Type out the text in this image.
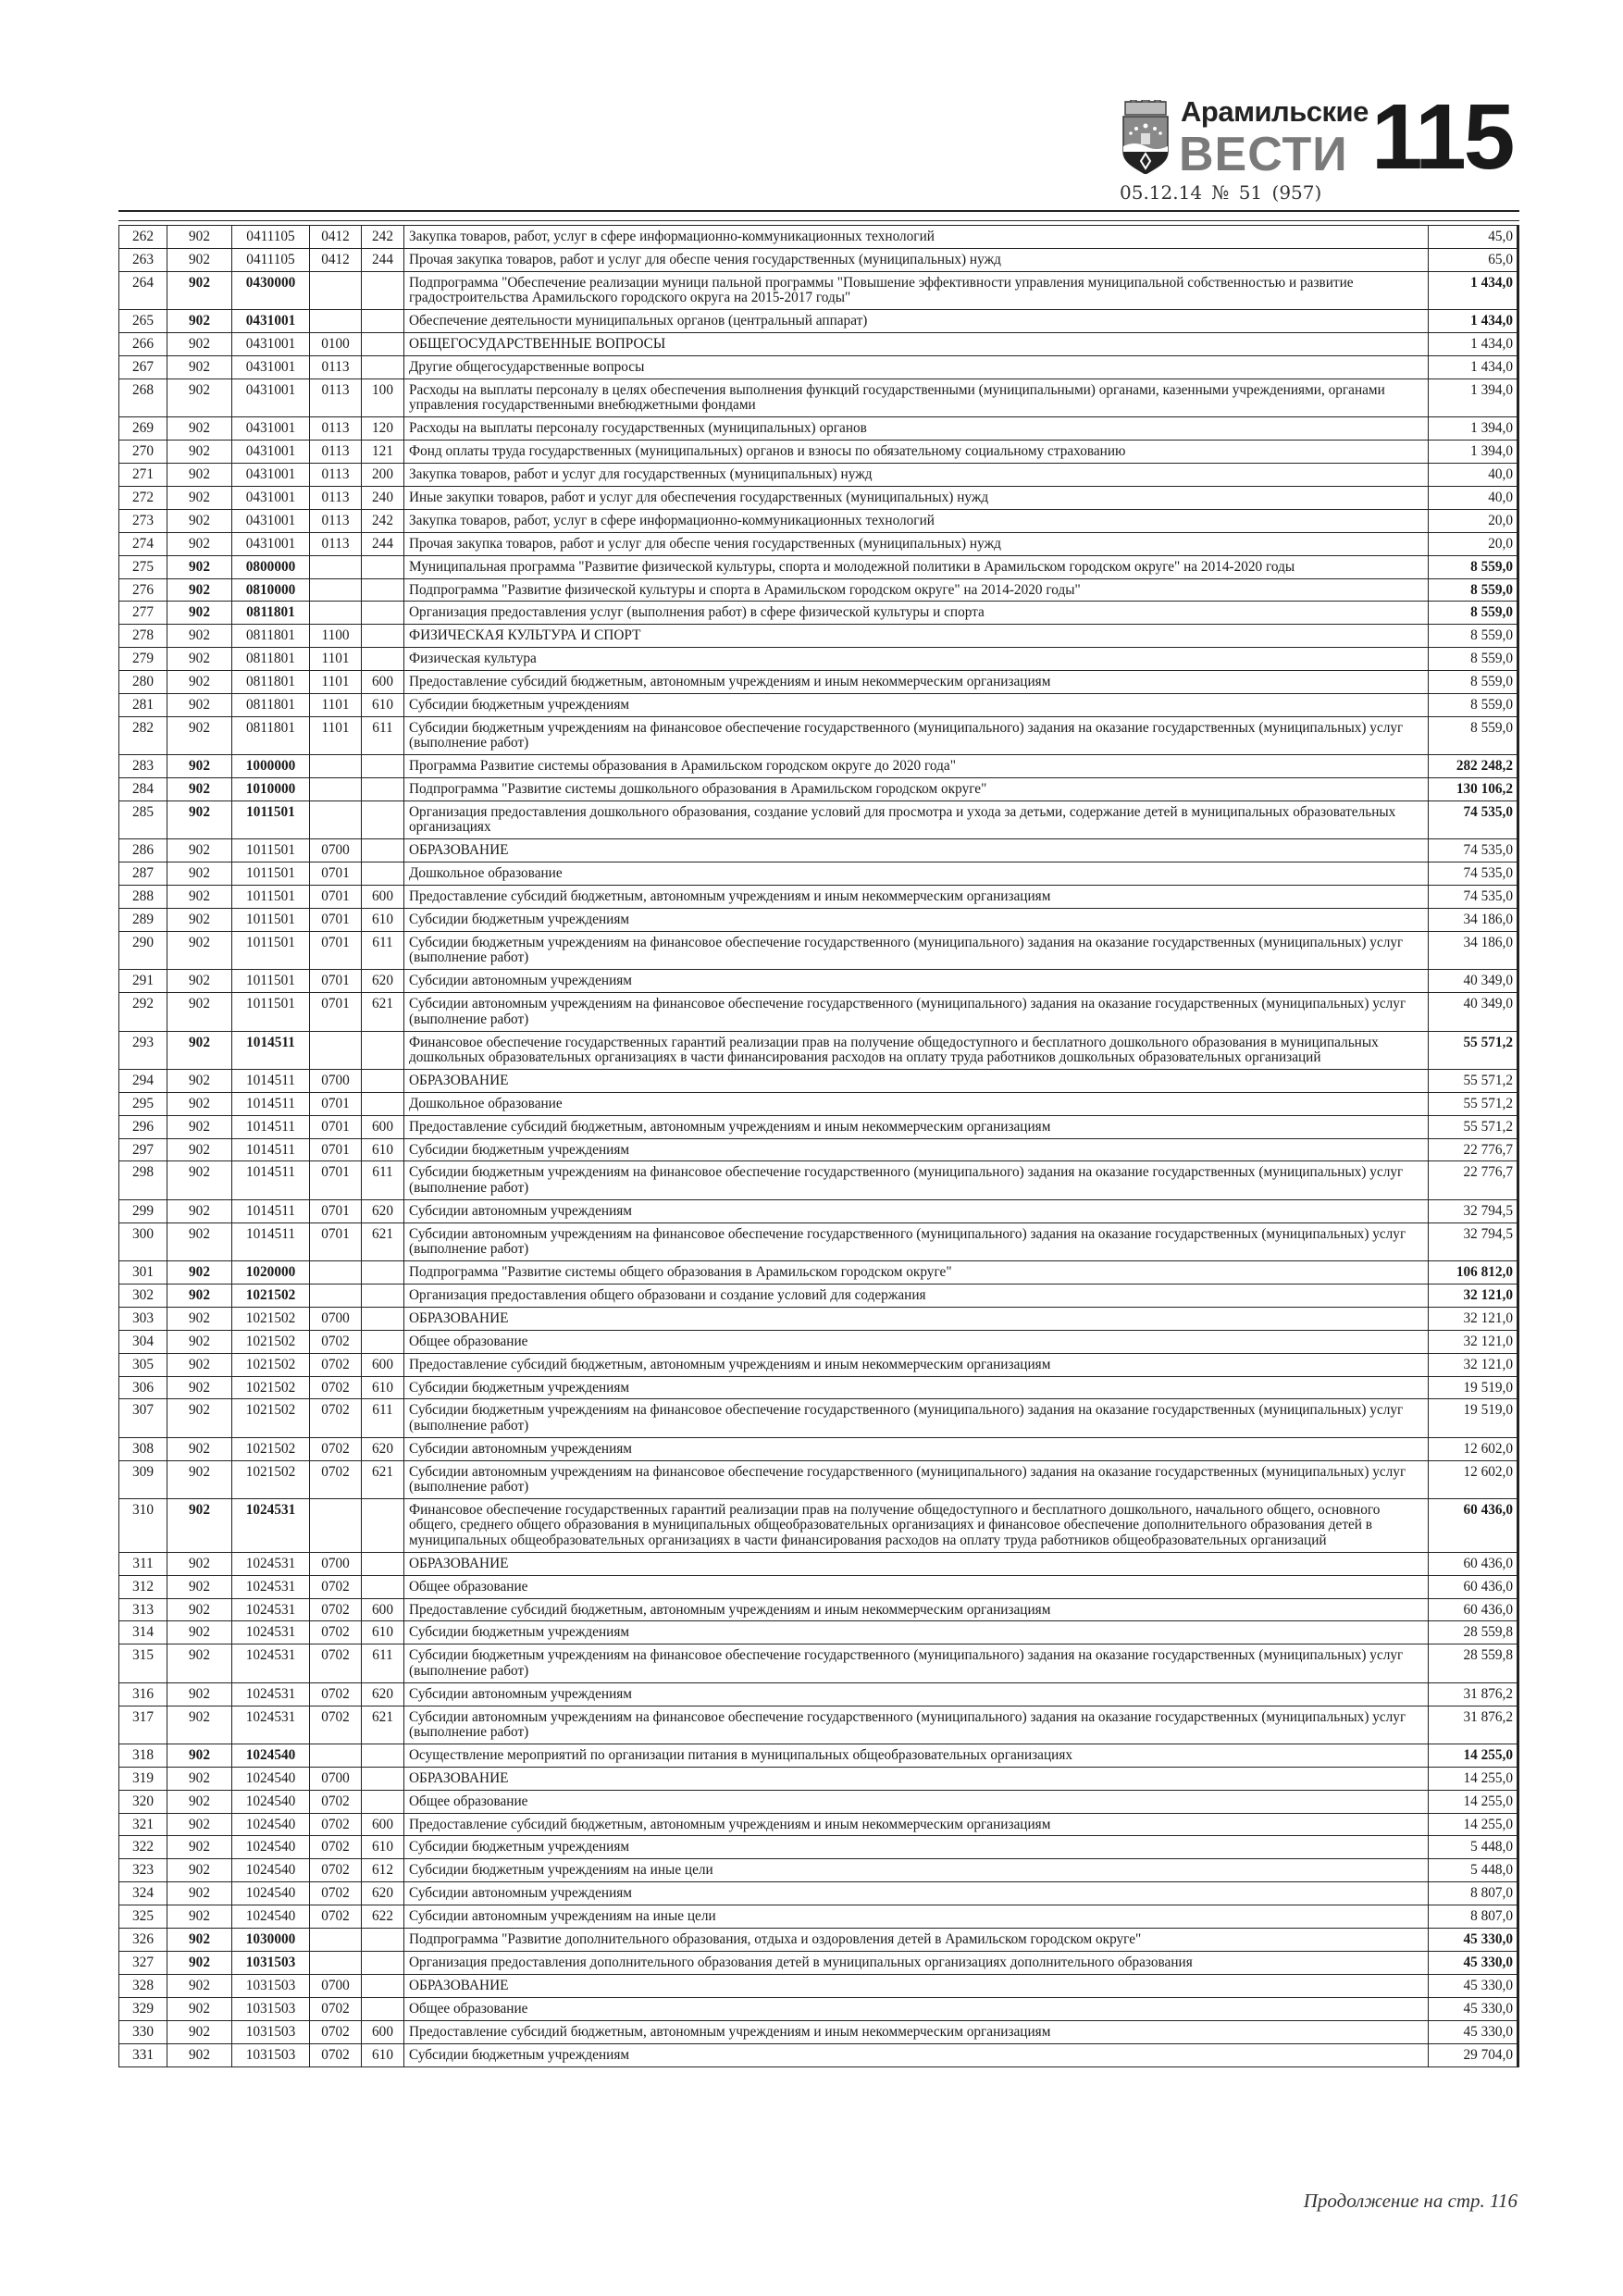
Арамильские
ВЕСТИ 115
05.12.14 № 51 (957)
262	902	0411105	0412	242	Закупка товаров, работ, услуг в сфере информационно-коммуникационных технологий	45,0
263	902	0411105	0412	244	Прочая закупка товаров, работ и услуг для обеспе чения государственных (муниципальных) нужд	65,0
264	902	0430000			Подпрограмма "Обеспечение реализации муници пальной программы "Повышение эффективности управления муниципальной собственностью и развитие градостроительства Арамильского городского округа на 2015-2017 годы"	1 434,0
265	902	0431001			Обеспечение деятельности муниципальных органов (центральный аппарат)	1 434,0
266	902	0431001	0100		ОБЩЕГОСУДАРСТВЕННЫЕ ВОПРОСЫ	1 434,0
267	902	0431001	0113		Другие общегосударственные вопросы	1 434,0
268	902	0431001	0113	100	Расходы на выплаты персоналу в целях обеспечения выполнения функций государственными (муниципальными) органами, казенными учреждениями, органами управления государственными внебюджетными фондами	1 394,0
269	902	0431001	0113	120	Расходы на выплаты персоналу государственных (муниципальных) органов	1 394,0
270	902	0431001	0113	121	Фонд оплаты труда государственных (муниципальных) органов и взносы по обязательному социальному страхованию	1 394,0
271	902	0431001	0113	200	Закупка товаров, работ и услуг для государственных (муниципальных) нужд	40,0
272	902	0431001	0113	240	Иные закупки товаров, работ и услуг для обеспечения государственных (муниципальных) нужд	40,0
273	902	0431001	0113	242	Закупка товаров, работ, услуг в сфере информационно-коммуникационных технологий	20,0
274	902	0431001	0113	244	Прочая закупка товаров, работ и услуг для обеспе чения государственных (муниципальных) нужд	20,0
275	902	0800000			Муниципальная программа "Развитие физической культуры, спорта и молодежной политики в Арамильском городском округе" на 2014-2020 годы	8 559,0
276	902	0810000			Подпрограмма "Развитие физической культуры и спорта в Арамильском городском округе" на 2014-2020 годы"	8 559,0
277	902	0811801			Организация предоставления услуг (выполнения работ) в сфере физической культуры и спорта	8 559,0
278	902	0811801	1100		ФИЗИЧЕСКАЯ КУЛЬТУРА И СПОРТ	8 559,0
279	902	0811801	1101		Физическая культура	8 559,0
280	902	0811801	1101	600	Предоставление субсидий бюджетным, автономным учреждениям и иным некоммерческим организациям	8 559,0
281	902	0811801	1101	610	Субсидии бюджетным учреждениям	8 559,0
282	902	0811801	1101	611	Субсидии бюджетным учреждениям на финансовое обеспечение государственного (муниципального) задания на оказание государственных (муниципальных) услуг (выполнение работ)	8 559,0
283	902	1000000			Программа Развитие системы образования в Арамильском городском округе до 2020 года"	282 248,2
284	902	1010000			Подпрограмма "Развитие системы дошкольного образования в Арамильском городском округе"	130 106,2
285	902	1011501			Организация предоставления дошкольного образования, создание условий для просмотра и ухода за детьми, содержание детей в муниципальных образовательных организациях	74 535,0
286	902	1011501	0700		ОБРАЗОВАНИЕ	74 535,0
287	902	1011501	0701		Дошкольное образование	74 535,0
288	902	1011501	0701	600	Предоставление субсидий бюджетным, автономным учреждениям и иным некоммерческим организациям	74 535,0
289	902	1011501	0701	610	Субсидии бюджетным учреждениям	34 186,0
290	902	1011501	0701	611	Субсидии бюджетным учреждениям на финансовое обеспечение государственного (муниципального) задания на оказание государственных (муниципальных) услуг (выполнение работ)	34 186,0
291	902	1011501	0701	620	Субсидии автономным учреждениям	40 349,0
292	902	1011501	0701	621	Субсидии автономным учреждениям на финансовое обеспечение государственного (муниципального) задания на оказание государственных (муниципальных) услуг (выполнение работ)	40 349,0
293	902	1014511			Финансовое обеспечение государственных гарантий реализации прав на получение общедоступного и бесплатного дошкольного образования в муниципальных дошкольных образовательных организациях в части финансирования расходов на оплату труда работников дошкольных образовательных организаций	55 571,2
294	902	1014511	0700		ОБРАЗОВАНИЕ	55 571,2
295	902	1014511	0701		Дошкольное образование	55 571,2
296	902	1014511	0701	600	Предоставление субсидий бюджетным, автономным учреждениям и иным некоммерческим организациям	55 571,2
297	902	1014511	0701	610	Субсидии бюджетным учреждениям	22 776,7
298	902	1014511	0701	611	Субсидии бюджетным учреждениям на финансовое обеспечение государственного (муниципального) задания на оказание государственных (муниципальных) услуг (выполнение работ)	22 776,7
299	902	1014511	0701	620	Субсидии автономным учреждениям	32 794,5
300	902	1014511	0701	621	Субсидии автономным учреждениям на финансовое обеспечение государственного (муниципального) задания на оказание государственных (муниципальных) услуг (выполнение работ)	32 794,5
301	902	1020000			Подпрограмма "Развитие системы общего образования в Арамильском городском округе"	106 812,0
302	902	1021502			Организация предоставления общего образовани и создание условий для содержания	32 121,0
303	902	1021502	0700		ОБРАЗОВАНИЕ	32 121,0
304	902	1021502	0702		Общее образование	32 121,0
305	902	1021502	0702	600	Предоставление субсидий бюджетным, автономным учреждениям и иным некоммерческим организациям	32 121,0
306	902	1021502	0702	610	Субсидии бюджетным учреждениям	19 519,0
307	902	1021502	0702	611	Субсидии бюджетным учреждениям на финансовое обеспечение государственного (муниципального) задания на оказание государственных (муниципальных) услуг (выполнение работ)	19 519,0
308	902	1021502	0702	620	Субсидии автономным учреждениям	12 602,0
309	902	1021502	0702	621	Субсидии автономным учреждениям на финансовое обеспечение государственного (муниципального) задания на оказание государственных (муниципальных) услуг (выполнение работ)	12 602,0
310	902	1024531			Финансовое обеспечение государственных гарантий реализации прав на получение общедоступного и бесплатного дошкольного, начального общего, основного общего, среднего общего образования в муниципальных общеобразовательных организациях и финансовое обеспечение дополнительного образования детей в муниципальных общеобразовательных организациях в части финансирования расходов на оплату труда работников общеобразовательных организаций	60 436,0
311	902	1024531	0700		ОБРАЗОВАНИЕ	60 436,0
312	902	1024531	0702		Общее образование	60 436,0
313	902	1024531	0702	600	Предоставление субсидий бюджетным, автономным учреждениям и иным некоммерческим организациям	60 436,0
314	902	1024531	0702	610	Субсидии бюджетным учреждениям	28 559,8
315	902	1024531	0702	611	Субсидии бюджетным учреждениям на финансовое обеспечение государственного (муниципального) задания на оказание государственных (муниципальных) услуг (выполнение работ)	28 559,8
316	902	1024531	0702	620	Субсидии автономным учреждениям	31 876,2
317	902	1024531	0702	621	Субсидии автономным учреждениям на финансовое обеспечение государственного (муниципального) задания на оказание государственных (муниципальных) услуг (выполнение работ)	31 876,2
318	902	1024540			Осуществление мероприятий по организации питания в муниципальных общеобразовательных организациях	14 255,0
319	902	1024540	0700		ОБРАЗОВАНИЕ	14 255,0
320	902	1024540	0702		Общее образование	14 255,0
321	902	1024540	0702	600	Предоставление субсидий бюджетным, автономным учреждениям и иным некоммерческим организациям	14 255,0
322	902	1024540	0702	610	Субсидии бюджетным учреждениям	5 448,0
323	902	1024540	0702	612	Субсидии бюджетным учреждениям на иные цели	5 448,0
324	902	1024540	0702	620	Субсидии автономным учреждениям	8 807,0
325	902	1024540	0702	622	Субсидии автономным учреждениям на иные цели	8 807,0
326	902	1030000			Подпрограмма "Развитие дополнительного образования, отдыха и оздоровления детей в Арамильском городском округе"	45 330,0
327	902	1031503			Организация предоставления дополнительного образования детей в муниципальных организациях дополнительного образования	45 330,0
328	902	1031503	0700		ОБРАЗОВАНИЕ	45 330,0
329	902	1031503	0702		Общее образование	45 330,0
330	902	1031503	0702	600	Предоставление субсидий бюджетным, автономным учреждениям и иным некоммерческим организациям	45 330,0
331	902	1031503	0702	610	Субсидии бюджетным учреждениям	29 704,0
Продолжение на стр. 116
